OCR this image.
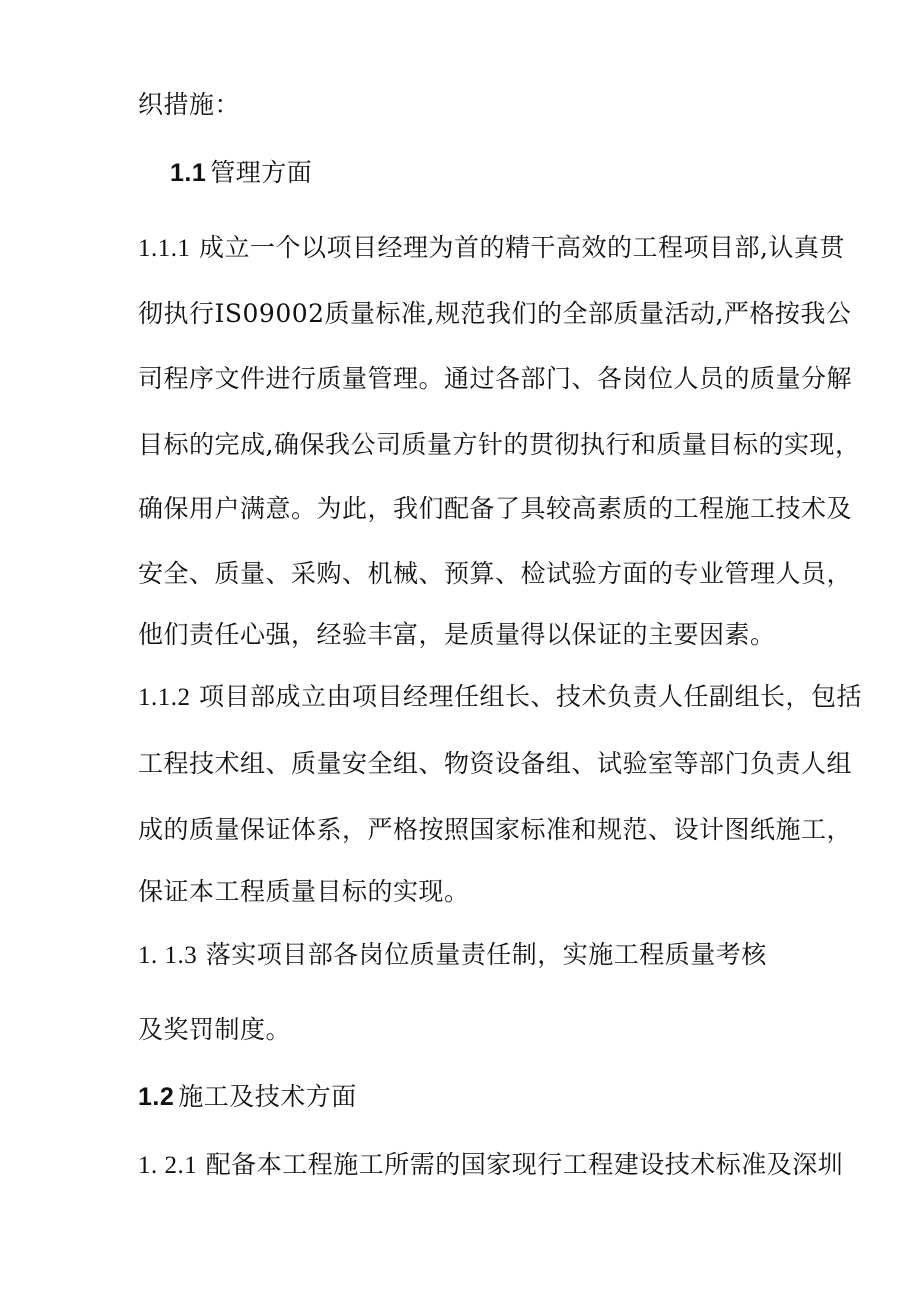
织措施：
1.1 管理方面
1.1.1 成立一个以项目经理为首的精干高效的工程项目部,认真贯
彻执行IS09002质量标准,规范我们的全部质量活动,严格按我公
司程序文件进行质量管理。通过各部门、各岗位人员的质量分解
目标的完成,确保我公司质量方针的贯彻执行和质量目标的实现，
确保用户满意。为此，我们配备了具较高素质的工程施工技术及
安全、质量、采购、机械、预算、检试验方面的专业管理人员，
他们责任心强，经验丰富，是质量得以保证的主要因素。
1.1.2 项目部成立由项目经理任组长、技术负责人任副组长，包括
工程技术组、质量安全组、物资设备组、试验室等部门负责人组
成的质量保证体系，严格按照国家标准和规范、设计图纸施工，
保证本工程质量目标的实现。
1. 1.3 落实项目部各岗位质量责任制，实施工程质量考核
及奖罚制度。
1.2 施工及技术方面
1. 2.1 配备本工程施工所需的国家现行工程建设技术标准及深圳
